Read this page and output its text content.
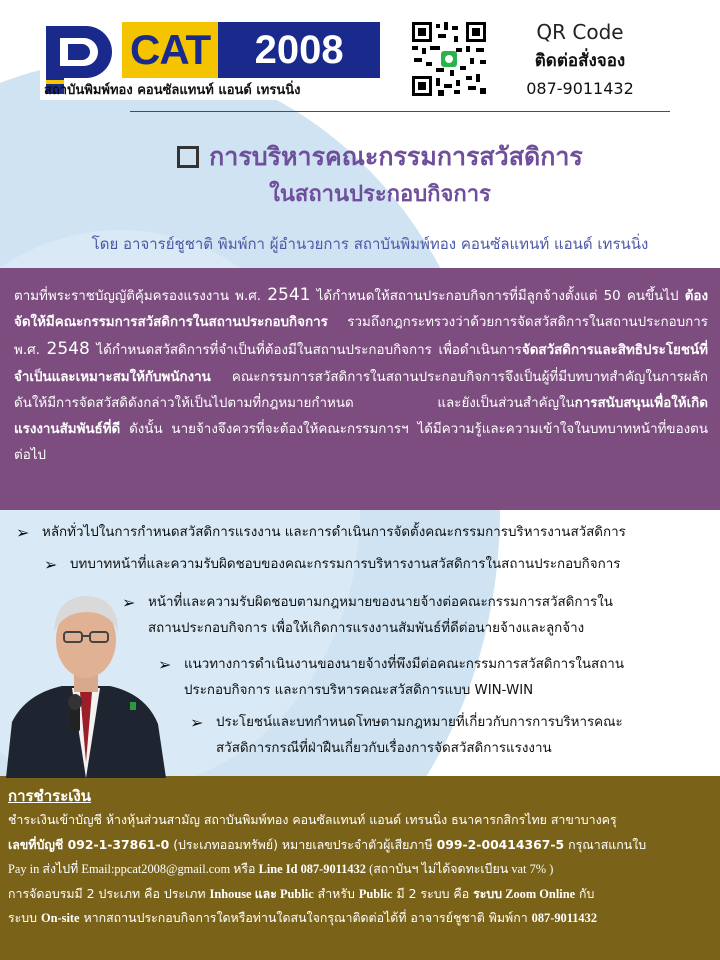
CAT	2008
สถาบันพิมพ์ทอง คอนซัลแทนท์ แอนด์ เทรนนิ่ง
QR Code
ติดต่อสั่งจอง
087-9011432
การบริหารคณะกรรมการสวัสดิการ
ในสถานประกอบกิจการ
โดย อาจารย์ชูชาติ พิมพ์กา ผู้อำนวยการ สถาบันพิมพ์ทอง คอนซัลแทนท์ แอนด์ เทรนนิ่ง

ตามที่พระราชบัญญัติคุ้มครองแรงงาน พ.ศ. 2541 ได้กำหนดให้สถานประกอบกิจการที่มีลูกจ้างตั้งแต่ 50 คนขึ้นไป ต้องจัดให้มีคณะกรรมการสวัสดิการในสถานประกอบกิจการ รวมถึงกฎกระทรวงว่าด้วยการจัดสวัสดิการในสถานประกอบการ พ.ศ. 2548 ได้กำหนดสวัสดิการที่จำเป็นที่ต้องมีในสถานประกอบกิจการ เพื่อดำเนินการจัดสวัสดิการและสิทธิประโยชน์ที่จำเป็นและเหมาะสมให้กับพนักงาน คณะกรรมการสวัสดิการในสถานประกอบกิจการจึงเป็นผู้ที่มีบทบาทสำคัญในการผลักดันให้มีการจัดสวัสดิดังกล่าวให้เป็นไปตามที่กฎหมายกำหนด และยังเป็นส่วนสำคัญในการสนับสนุนเพื่อให้เกิดแรงงานสัมพันธ์ที่ดี ดังนั้น นายจ้างจึงควรที่จะต้องให้คณะกรรมการฯ ได้มีความรู้และความเข้าใจในบทบาทหน้าที่ของตนต่อไป

➢ หลักทั่วไปในการกำหนดสวัสดิการแรงงาน และการดำเนินการจัดตั้งคณะกรรมการบริหารงานสวัสดิการ
➢ บทบาทหน้าที่และความรับผิดชอบของคณะกรรมการบริหารงานสวัสดิการในสถานประกอบกิจการ
➢ หน้าที่และความรับผิดชอบตามกฎหมายของนายจ้างต่อคณะกรรมการสวัสดิการใน
สถานประกอบกิจการ เพื่อให้เกิดการแรงงานสัมพันธ์ที่ดีต่อนายจ้างและลูกจ้าง
➢ แนวทางการดำเนินงานของนายจ้างที่พึงมีต่อคณะกรรมการสวัสดิการในสถาน
ประกอบกิจการ และการบริหารคณะสวัสดิการแบบ WIN-WIN
➢ ประโยชน์และบทกำหนดโทษตามกฎหมายที่เกี่ยวกับการการบริหารคณะ
สวัสดิการกรณีที่ฝ่าฝืนเกี่ยวกับเรื่องการจัดสวัสดิการแรงงาน
การชำระเงิน
ชำระเงินเข้าบัญชี ห้างหุ้นส่วนสามัญ สถาบันพิมพ์ทอง คอนซัลแทนท์ แอนด์ เทรนนิ่ง ธนาคารกสิกรไทย สาขาบางครุ
เลขที่บัญชี 092-1-37861-0 (ประเภทออมทรัพย์) หมายเลขประจำตัวผู้เสียภาษี 099-2-00414367-5 กรุณาสแกนใบ
Pay in ส่งไปที่ Email:ppcat2008@gmail.com หรือ Line Id 087-9011432 (สถาบันฯ ไม่ได้จดทะเบียน vat 7% )
การจัดอบรมมี 2 ประเภท คือ ประเภท Inhouse และ Public สำหรับ Public มี 2 ระบบ คือ ระบบ Zoom Online กับ
ระบบ On-site หากสถานประกอบกิจการใดหรือท่านใดสนใจกรุณาติดต่อได้ที่ อาจารย์ชูชาติ พิมพ์กา 087-9011432
